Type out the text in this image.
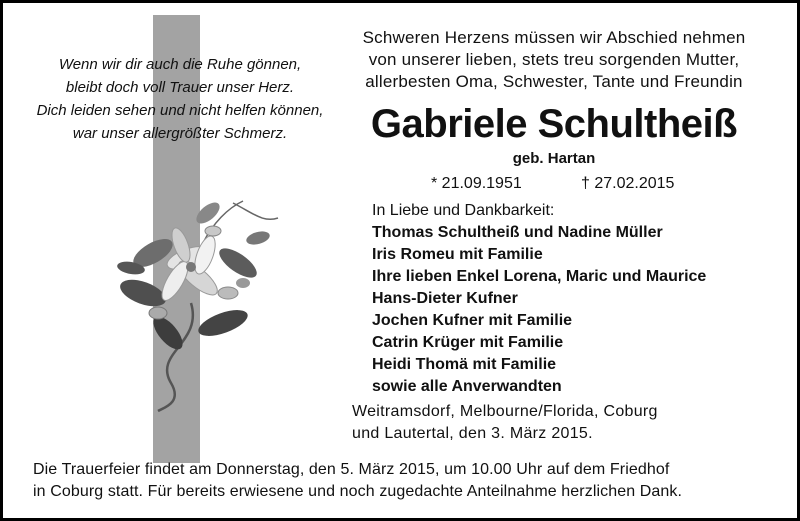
Wenn wir dir auch die Ruhe gönnen,
bleibt doch voll Trauer unser Herz.
Dich leiden sehen und nicht helfen können,
war unser allergrößter Schmerz.
Schweren Herzens müssen wir Abschied nehmen
von unserer lieben, stets treu sorgenden Mutter,
allerbesten Oma, Schwester, Tante und Freundin
Gabriele Schultheiß
geb. Hartan
* 21.09.1951	† 27.02.2015
In Liebe und Dankbarkeit:
Thomas Schultheiß und Nadine Müller
Iris Romeu mit Familie
Ihre lieben Enkel Lorena, Maric und Maurice
Hans-Dieter Kufner
Jochen Kufner mit Familie
Catrin Krüger mit Familie
Heidi Thomä mit Familie
sowie alle Anverwandten
Weitramsdorf, Melbourne/Florida, Coburg
und Lautertal, den 3. März 2015.
Die Trauerfeier findet am Donnerstag, den 5. März 2015, um 10.00 Uhr auf dem Friedhof
in Coburg statt. Für bereits erwiesene und noch zugedachte Anteilnahme herzlichen Dank.
